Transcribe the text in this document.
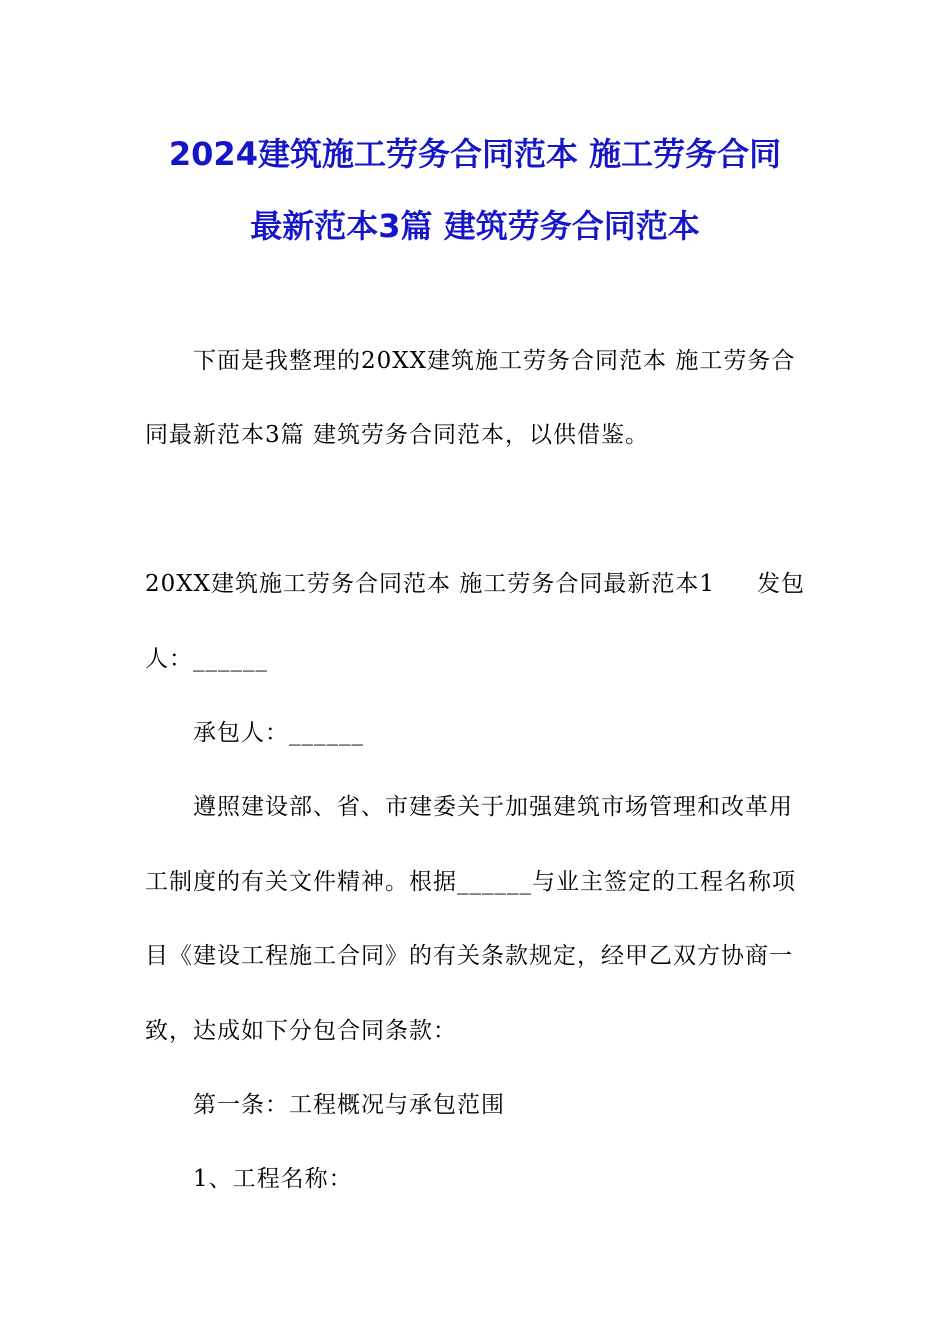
2024建筑施工劳务合同范本 施工劳务合同
最新范本3篇 建筑劳务合同范本
下面是我整理的20XX建筑施工劳务合同范本 施工劳务合
同最新范本3篇 建筑劳务合同范本，以供借鉴。
20XX建筑施工劳务合同范本 施工劳务合同最新范本1 发包
人：______
承包人：______
遵照建设部、省、市建委关于加强建筑市场管理和改革用
工制度的有关文件精神。根据______与业主签定的工程名称项
目《建设工程施工合同》的有关条款规定，经甲乙双方协商一
致，达成如下分包合同条款：
第一条：工程概况与承包范围
1、工程名称：
